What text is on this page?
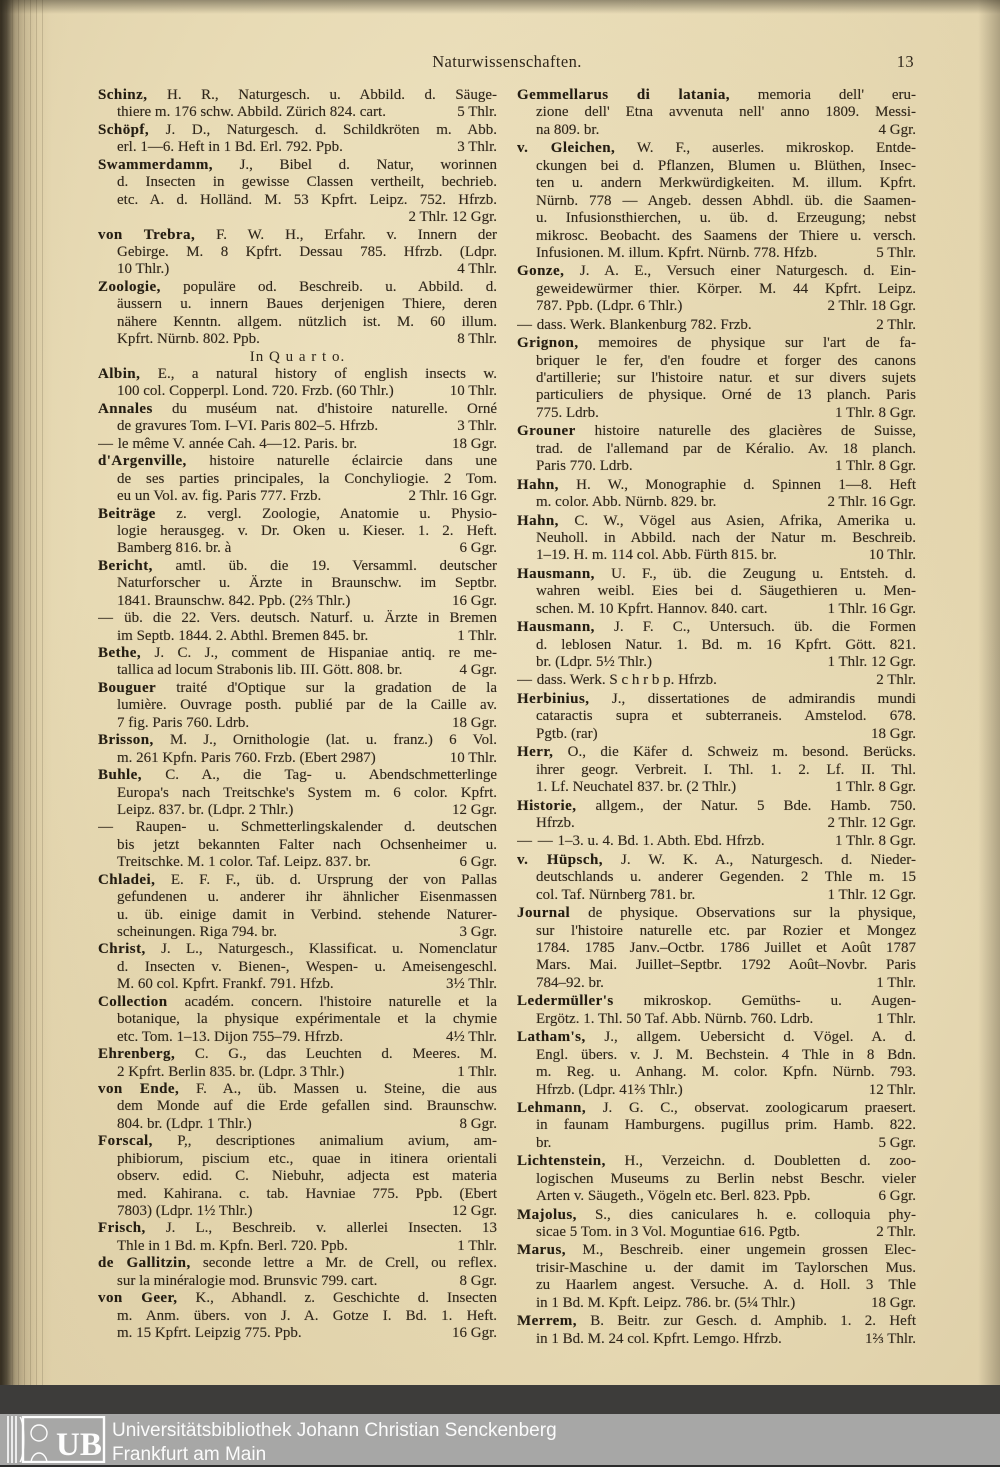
Naturwissenschaften.	13
Schinz, H. R., Naturgesch. u. Abbild. d. Säuge-
thiere m. 176 schw. Abbild. Zürich 824. cart.	5 Thlr.
Schöpf, J. D., Naturgesch. d. Schildkröten m. Abb.
erl. 1—6. Heft in 1 Bd. Erl. 792. Ppb.	3 Thlr.
Swammerdamm, J., Bibel d. Natur, worinnen
d. Insecten in gewisse Classen vertheilt, bechrieb.
etc. A. d. Holländ. M. 53 Kpfrt. Leipz. 752. Hfrzb.
2 Thlr. 12 Ggr.
von Trebra, F. W. H., Erfahr. v. Innern der
Gebirge. M. 8 Kpfrt. Dessau 785. Hfrzb. (Ldpr.
10 Thlr.)	4 Thlr.
Zoologie, populäre od. Beschreib. u. Abbild. d.
äussern u. innern Baues derjenigen Thiere, deren
nähere Kenntn. allgem. nützlich ist. M. 60 illum.
Kpfrt. Nürnb. 802. Ppb.	8 Thlr.
In Q u a r t o.
Albin, E., a natural history of english insects w.
100 col. Copperpl. Lond. 720. Frzb. (60 Thlr.)	10 Thlr.
Annales du muséum nat. d'histoire naturelle. Orné
de gravures Tom. I–VI. Paris 802–5. Hfrzb.	3 Thlr.
— le même V. année Cah. 4—12. Paris. br.	18 Ggr.
d'Argenville, histoire naturelle éclaircie dans une
de ses parties principales, la Conchyliogie. 2 Tom.
eu un Vol. av. fig. Paris 777. Frzb.	2 Thlr. 16 Ggr.
Beiträge z. vergl. Zoologie, Anatomie u. Physio-
logie herausgeg. v. Dr. Oken u. Kieser. 1. 2. Heft.
Bamberg 816. br. à	6 Ggr.
Bericht, amtl. üb. die 19. Versamml. deutscher
Naturforscher u. Ärzte in Braunschw. im Septbr.
1841. Braunschw. 842. Ppb. (2⅔ Thlr.)	16 Ggr.
— üb. die 22. Vers. deutsch. Naturf. u. Ärzte in Bremen
im Septb. 1844. 2. Abthl. Bremen 845. br.	1 Thlr.
Bethe, J. C. J., comment de Hispaniae antiq. re me-
tallica ad locum Strabonis lib. III. Gött. 808. br.	4 Ggr.
Bouguer traité d'Optique sur la gradation de la
lumière. Ouvrage posth. publié par de la Caille av.
7 fig. Paris 760. Ldrb.	18 Ggr.
Brisson, M. J., Ornithologie (lat. u. franz.) 6 Vol.
m. 261 Kpfn. Paris 760. Frzb. (Ebert 2987)	10 Thlr.
Buhle, C. A., die Tag- u. Abendschmetterlinge
Europa's nach Treitschke's System m. 6 color. Kpfrt.
Leipz. 837. br. (Ldpr. 2 Thlr.)	12 Ggr.
— Raupen- u. Schmetterlingskalender d. deutschen
bis jetzt bekannten Falter nach Ochsenheimer u.
Treitschke. M. 1 color. Taf. Leipz. 837. br.	6 Ggr.
Chladei, E. F. F., üb. d. Ursprung der von Pallas
gefundenen u. anderer ihr ähnlicher Eisenmassen
u. üb. einige damit in Verbind. stehende Naturer-
scheinungen. Riga 794. br.	3 Ggr.
Christ, J. L., Naturgesch., Klassificat. u. Nomenclatur
d. Insecten v. Bienen-, Wespen- u. Ameisengeschl.
M. 60 col. Kpfrt. Frankf. 791. Hfzb.	3½ Thlr.
Collection académ. concern. l'histoire naturelle et la
botanique, la physique expérimentale et la chymie
etc. Tom. 1–13. Dijon 755–79. Hfrzb.	4½ Thlr.
Ehrenberg, C. G., das Leuchten d. Meeres. M.
2 Kpfrt. Berlin 835. br. (Ldpr. 3 Thlr.)	1 Thlr.
von Ende, F. A., üb. Massen u. Steine, die aus
dem Monde auf die Erde gefallen sind. Braunschw.
804. br. (Ldpr. 1 Thlr.)	8 Ggr.
Forscal, P,, descriptiones animalium avium, am-
phibiorum, piscium etc., quae in itinera orientali
observ. edid. C. Niebuhr, adjecta est materia
med. Kahirana. c. tab. Havniae 775. Ppb. (Ebert
7803) (Ldpr. 1½ Thlr.)	12 Ggr.
Frisch, J. L., Beschreib. v. allerlei Insecten. 13
Thle in 1 Bd. m. Kpfn. Berl. 720. Ppb.	1 Thlr.
de Gallitzin, seconde lettre a Mr. de Crell, ou reflex.
sur la minéralogie mod. Brunsvic 799. cart.	8 Ggr.
von Geer, K., Abhandl. z. Geschichte d. Insecten
m. Anm. übers. von J. A. Gotze I. Bd. 1. Heft.
m. 15 Kpfrt. Leipzig 775. Ppb.	16 Ggr.
Gemmellarus di latania, memoria dell' eru-
zione dell' Etna avvenuta nell' anno 1809. Messi-
na 809. br.	4 Ggr.
v. Gleichen, W. F., auserles. mikroskop. Entde-
ckungen bei d. Pflanzen, Blumen u. Blüthen, Insec-
ten u. andern Merkwürdigkeiten. M. illum. Kpfrt.
Nürnb. 778 — Angeb. dessen Abhdl. üb. die Saamen-
u. Infusionsthierchen, u. üb. d. Erzeugung; nebst
mikrosc. Beobacht. des Saamens der Thiere u. versch.
Infusionen. M. illum. Kpfrt. Nürnb. 778. Hfzb.	5 Thlr.
Gonze, J. A. E., Versuch einer Naturgesch. d. Ein-
geweidewürmer thier. Körper. M. 44 Kpfrt. Leipz.
787. Ppb. (Ldpr. 6 Thlr.)	2 Thlr. 18 Ggr.
— dass. Werk. Blankenburg 782. Frzb.	2 Thlr.
Grignon, memoires de physique sur l'art de fa-
briquer le fer, d'en foudre et forger des canons
d'artillerie; sur l'histoire natur. et sur divers sujets
particuliers de physique. Orné de 13 planch. Paris
775. Ldrb.	1 Thlr. 8 Ggr.
Grouner histoire naturelle des glacières de Suisse,
trad. de l'allemand par de Kéralio. Av. 18 planch.
Paris 770. Ldrb.	1 Thlr. 8 Ggr.
Hahn, H. W., Monographie d. Spinnen 1—8. Heft
m. color. Abb. Nürnb. 829. br.	2 Thlr. 16 Ggr.
Hahn, C. W., Vögel aus Asien, Afrika, Amerika u.
Neuholl. in Abbild. nach der Natur m. Beschreib.
1–19. H. m. 114 col. Abb. Fürth 815. br.	10 Thlr.
Hausmann, U. F., üb. die Zeugung u. Entsteh. d.
wahren weibl. Eies bei d. Säugethieren u. Men-
schen. M. 10 Kpfrt. Hannov. 840. cart.	1 Thlr. 16 Ggr.
Hausmann, J. F. C., Untersuch. üb. die Formen
d. leblosen Natur. 1. Bd. m. 16 Kpfrt. Gött. 821.
br. (Ldpr. 5½ Thlr.)	1 Thlr. 12 Ggr.
— dass. Werk. S c h r b p. Hfrzb.	2 Thlr.
Herbinius, J., dissertationes de admirandis mundi
cataractis supra et subterraneis. Amstelod. 678.
Pgtb. (rar)	18 Ggr.
Herr, O., die Käfer d. Schweiz m. besond. Berücks.
ihrer geogr. Verbreit. I. Thl. 1. 2. Lf. II. Thl.
1. Lf. Neuchatel 837. br. (2 Thlr.)	1 Thlr. 8 Ggr.
Historie, allgem., der Natur. 5 Bde. Hamb. 750.
Hfrzb.	2 Thlr. 12 Ggr.
— — 1–3. u. 4. Bd. 1. Abth. Ebd. Hfrzb.	1 Thlr. 8 Ggr.
v. Hüpsch, J. W. K. A., Naturgesch. d. Nieder-
deutschlands u. anderer Gegenden. 2 Thle m. 15
col. Taf. Nürnberg 781. br.	1 Thlr. 12 Ggr.
Journal de physique. Observations sur la physique,
sur l'histoire naturelle etc. par Rozier et Mongez
1784. 1785 Janv.–Octbr. 1786 Juillet et Août 1787
Mars. Mai. Juillet–Septbr. 1792 Août–Novbr. Paris
784–92. br.	1 Thlr.
Ledermüller's mikroskop. Gemüths- u. Augen-
Ergötz. 1. Thl. 50 Taf. Abb. Nürnb. 760. Ldrb.	1 Thlr.
Latham's, J., allgem. Uebersicht d. Vögel. A. d.
Engl. übers. v. J. M. Bechstein. 4 Thle in 8 Bdn.
m. Reg. u. Anhang. M. color. Kpfn. Nürnb. 793.
Hfrzb. (Ldpr. 41⅔ Thlr.)	12 Thlr.
Lehmann, J. G. C., observat. zoologicarum praesert.
in faunam Hamburgens. pugillus prim. Hamb. 822.
br.	5 Ggr.
Lichtenstein, H., Verzeichn. d. Doubletten d. zoo-
logischen Museums zu Berlin nebst Beschr. vieler
Arten v. Säugeth., Vögeln etc. Berl. 823. Ppb.	6 Ggr.
Majolus, S., dies caniculares h. e. colloquia phy-
sicae 5 Tom. in 3 Vol. Moguntiae 616. Pgtb.	2 Thlr.
Marus, M., Beschreib. einer ungemein grossen Elec-
trisir-Maschine u. der damit im Taylorschen Mus.
zu Haarlem angest. Versuche. A. d. Holl. 3 Thle
in 1 Bd. M. Kpft. Leipz. 786. br. (5¼ Thlr.)	18 Ggr.
Merrem, B. Beitr. zur Gesch. d. Amphib. 1. 2. Heft
in 1 Bd. M. 24 col. Kpfrt. Lemgo. Hfrzb.	1⅔ Thlr.
UB Universitätsbibliothek Johann Christian Senckenberg
Frankfurt am Main
